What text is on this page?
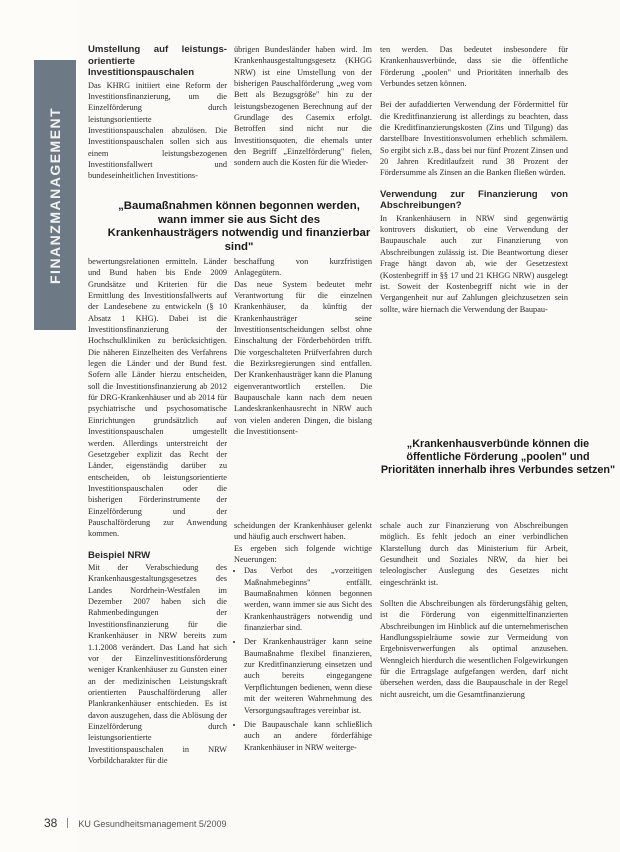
FINANZMANAGEMENT

Umstellung auf leistungs-orientierte Investitionspauschalen

Das KHRG initiiert eine Reform der Investitionsfinanzierung, um die Einzelförderung durch leistungsorientierte Investitionspauschalen abzulösen. Die Investitionspauschalen sollen sich aus einem leistungsbezogenen Investitionsfallwert und bundeseinheitlichen Investitions-

übrigen Bundesländer haben wird. Im Krankenhausgestaltungsgesetz (KHGG NRW) ist eine Umstellung von der bisherigen Pauschalförderung „weg vom Bett als Bezugsgröße" hin zu der leistungsbezogenen Berechnung auf der Grundlage des Casemix erfolgt. Betroffen sind nicht nur die Investitionsquoten, die ehemals unter den Begriff „Einzelförderung" fielen, sondern auch die Kosten für die Wieder-

ten werden. Das bedeutet insbesondere für Krankenhausverbünde, dass sie die öffentliche Förderung „poolen" und Prioritäten innerhalb des Verbundes setzen können.

Bei der aufaddierten Verwendung der Fördermittel für die Kreditfinanzierung ist allerdings zu beachten, dass die Kreditfinanzierungskosten (Zins und Tilgung) das darstellbare Investitionsvolumen erheblich schmälern. So ergibt sich z.B., dass bei nur fünf Prozent Zinsen und 20 Jahren Kreditlaufzeit rund 38 Prozent der Fördersumme als Zinsen an die Banken fließen würden.

Verwendung zur Finanzierung von Abschreibungen?

In Krankenhäusern in NRW sind gegenwärtig kontrovers diskutiert, ob eine Verwendung der Baupauschale auch zur Finanzierung von Abschreibungen zulässig ist. Die Beantwortung dieser Frage hängt davon ab, wie der Gesetzestext (Kostenbegriff in §§ 17 und 21 KHGG NRW) ausgelegt ist. Soweit der Kostenbegriff nicht wie in der Vergangenheit nur auf Zahlungen gleichzusetzen sein sollte, wäre hiernach die Verwendung der Baupau-

„Baumaßnahmen können begonnen werden, wann immer sie aus Sicht des Krankenhausträgers notwendig und finanzierbar sind"

bewertungsrelationen ermitteln. Länder und Bund haben bis Ende 2009 Grundsätze und Kriterien für die Ermittlung des Investitionsfallwerts auf der Landesebene zu entwickeln (§ 10 Absatz 1 KHG). Dabei ist die Investitionsfinanzierung der Hochschulkliniken zu berücksichtigen. Die näheren Einzelheiten des Verfahrens legen die Länder und der Bund fest. Sofern alle Länder hierzu entscheiden, soll die Investitionsfinanzierung ab 2012 für DRG-Krankenhäuser und ab 2014 für psychiatrische und psychosomatische Einrichtungen grundsätzlich auf Investitionspauschalen umgestellt werden. Allerdings unterstreicht der Gesetzgeber explizit das Recht der Länder, eigenständig darüber zu entscheiden, ob leistungsorientierte Investitionspauschalen oder die bisherigen Förderinstrumente der Einzelförderung und der Pauschalförderung zur Anwendung kommen.

Beispiel NRW

Mit der Verabschiedung des Krankenhausgestaltungsgesetzes des Landes Nordrhein-Westfalen im Dezember 2007 haben sich die Rahmenbedingungen der Investitionsfinanzierung für die Krankenhäuser in NRW bereits zum 1.1.2008 verändert. Das Land hat sich vor der Einzelinvestitionsförderung weniger Krankenhäuser zu Gunsten einer an der medizinischen Leistungskraft orientierten Pauschalförderung aller Plankrankenhäuser entschieden. Es ist davon auszugehen, dass die Ablösung der Einzelförderung durch leistungsorientierte Investitionspauschalen in NRW Vorbildcharakter für die

beschaffung von kurzfristigen Anlagegütern.

Das neue System bedeutet mehr Verantwortung für die einzelnen Krankenhäuser, da künftig der Krankenhausträger seine Investitionsentscheidungen selbst ohne Einschaltung der Förderbehörden trifft. Die vorgeschalteten Prüfverfahren durch die Bezirksregierungen sind entfallen. Der Krankenhausträger kann die Planung eigenverantwortlich erstellen. Die Baupauschale kann nach dem neuen Landeskrankenhausrecht in NRW auch von vielen anderen Dingen, die bislang die Investitionsent-

„Krankenhausverbünde können die öffentliche Förderung „poolen" und Prioritäten innerhalb ihres Verbundes setzen"

scheidungen der Krankenhäuser gelenkt und häufig auch erschwert haben.

Es ergeben sich folgende wichtige Neuerungen:

• Das Verbot des „vorzeitigen Maßnahmebeginns" entfällt. Baumaßnahmen können begonnen werden, wann immer sie aus Sicht des Krankenhausträgers notwendig und finanzierbar sind.
• Der Krankenhausträger kann seine Baumaßnahme flexibel finanzieren, zur Kreditfinanzierung einsetzen und auch bereits eingegangene Verpflichtungen bedienen, wenn diese mit der weiteren Wahrnehmung des Versorgungsauftrages vereinbar ist.
• Die Baupauschale kann schließlich auch an andere förderfähige Krankenhäuser in NRW weiterge-

schale auch zur Finanzierung von Abschreibungen möglich. Es fehlt jedoch an einer verbindlichen Klarstellung durch das Ministerium für Arbeit, Gesundheit und Soziales NRW, da hier bei teleologischer Auslegung des Gesetzes nicht eingeschränkt ist.

Sollten die Abschreibungen als förderungsfähig gelten, ist die Förderung von eigenmittelfinanzierten Abschreibungen im Hinblick auf die unternehmerischen Handlungsspielräume sowie zur Vermeidung von Ergebnisverwerfungen als optimal anzusehen. Wenngleich hierdurch die wesentlichen Folgewirkungen für die Ertragslage aufgefangen werden, darf nicht übersehen werden, dass die Baupauschale in der Regel nicht ausreicht, um die Gesamtfinanzierung

38 KU Gesundheitsmanagement 5/2009
